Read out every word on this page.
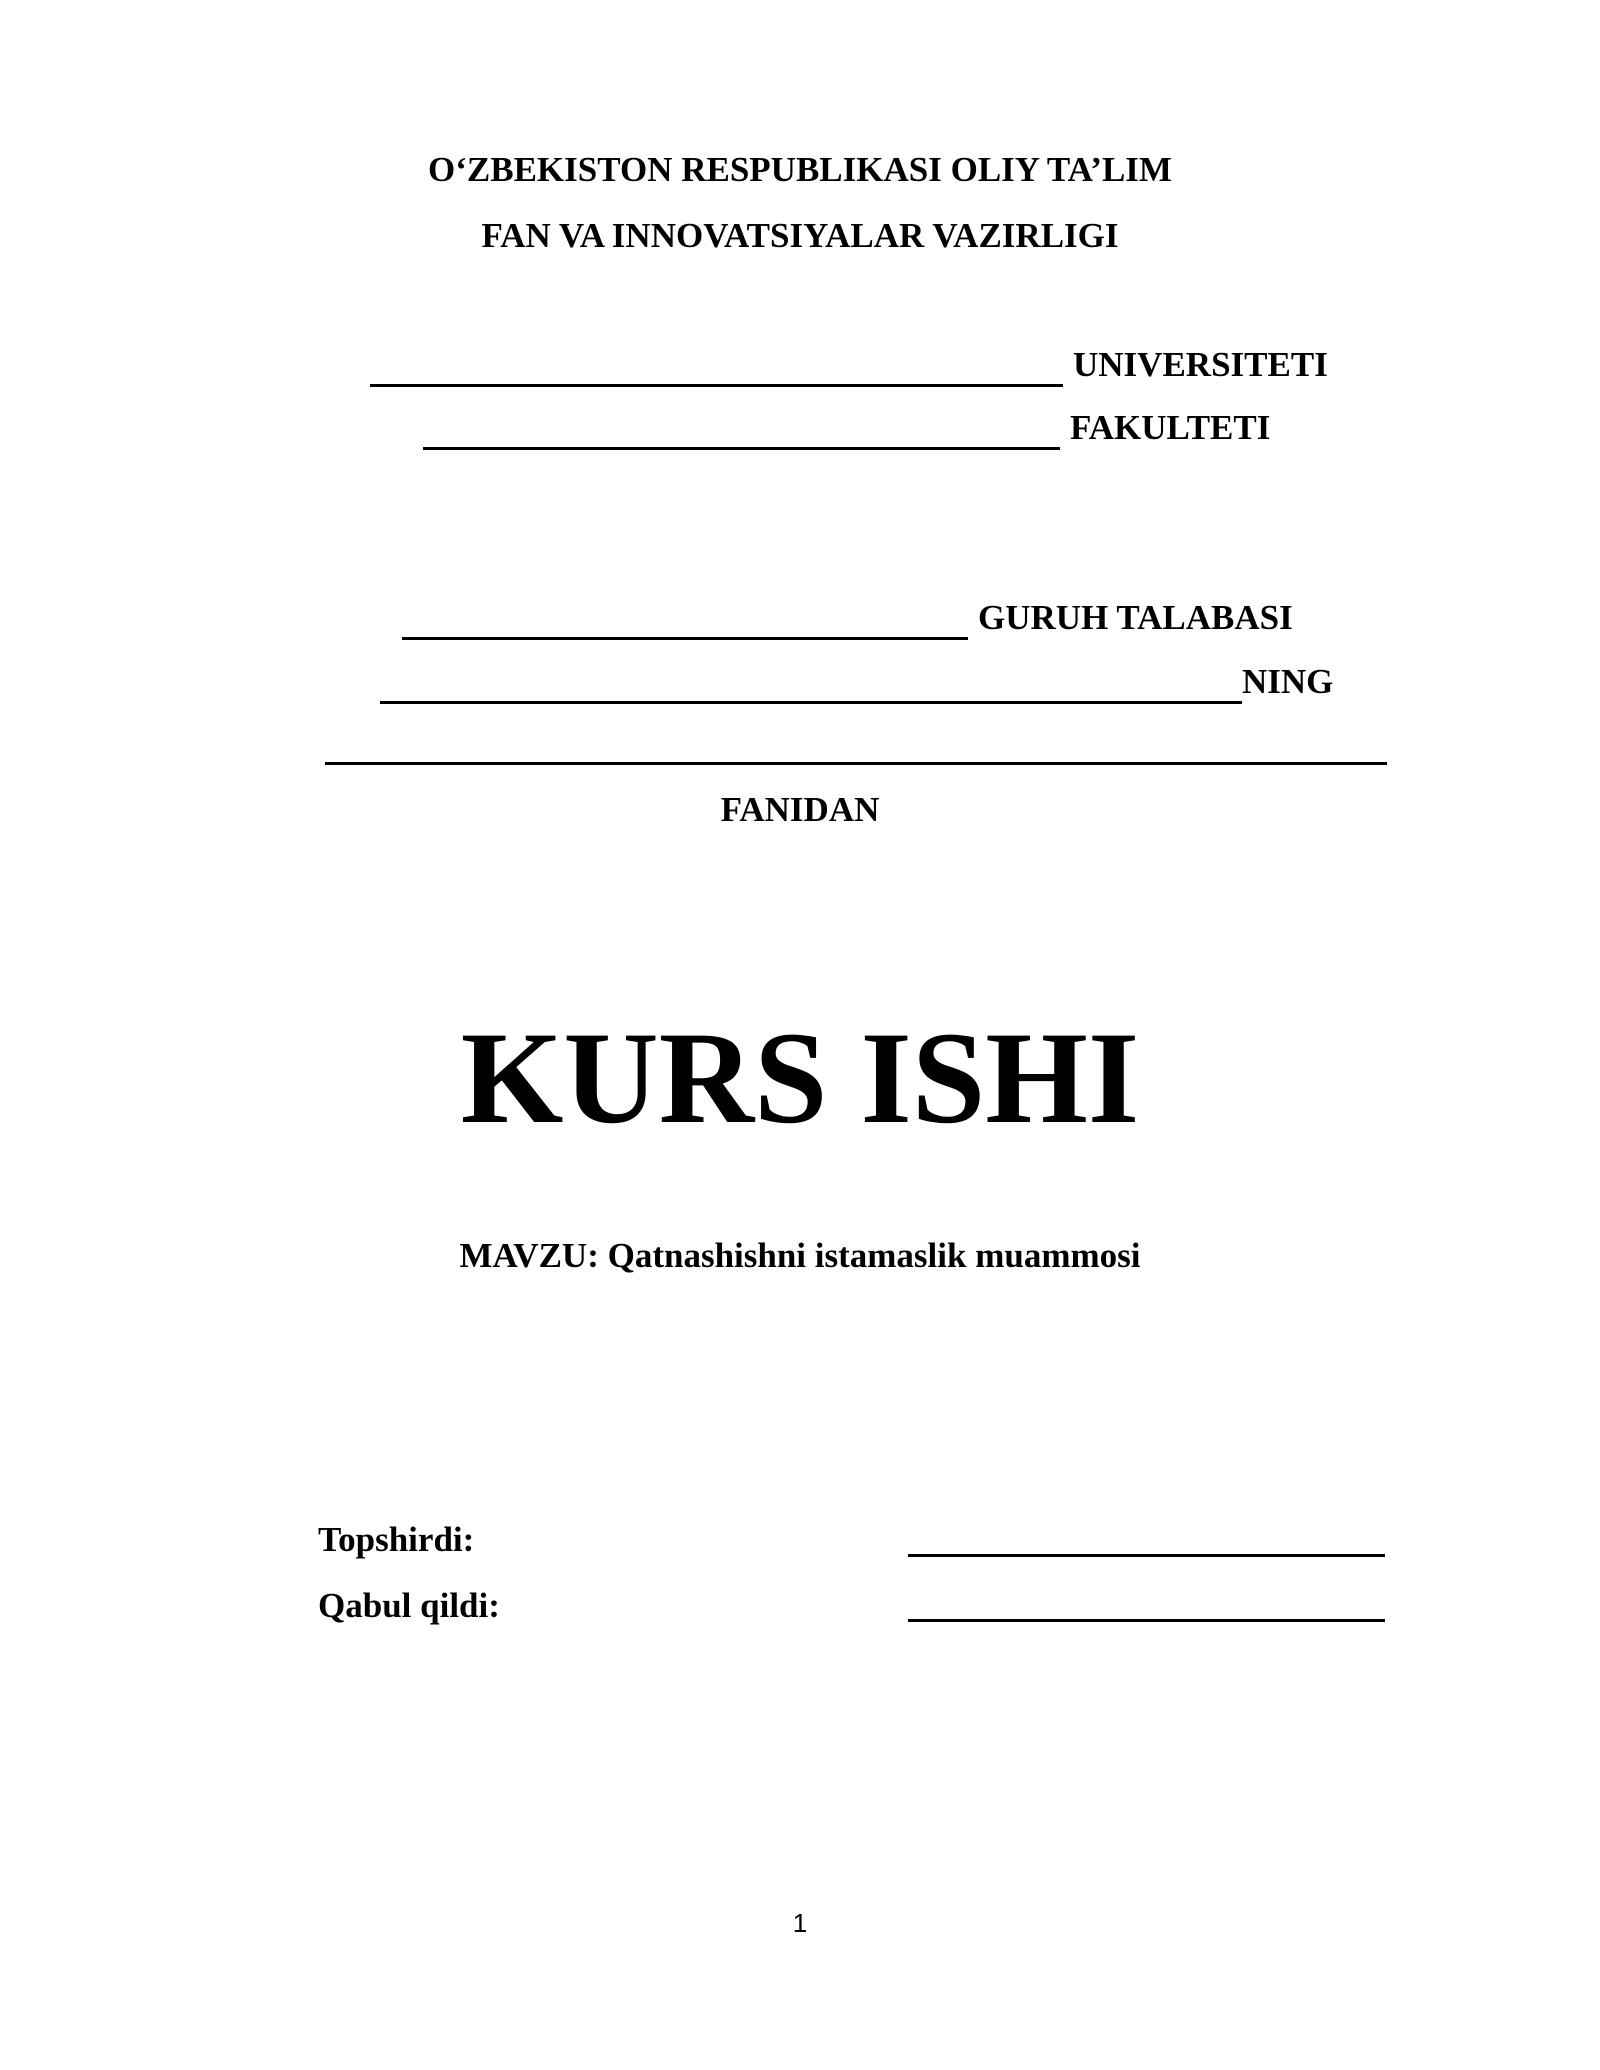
O‘ZBEKISTON RESPUBLIKASI OLIY TA’LIM
FAN VA INNOVATSIYALAR VAZIRLIGI
UNIVERSITETI
FAKULTETI
GURUH TALABASI
NING
FANIDAN
KURS ISHI
MAVZU: Qatnashishni istamaslik muammosi
Topshirdi:
Qabul qildi:
1
